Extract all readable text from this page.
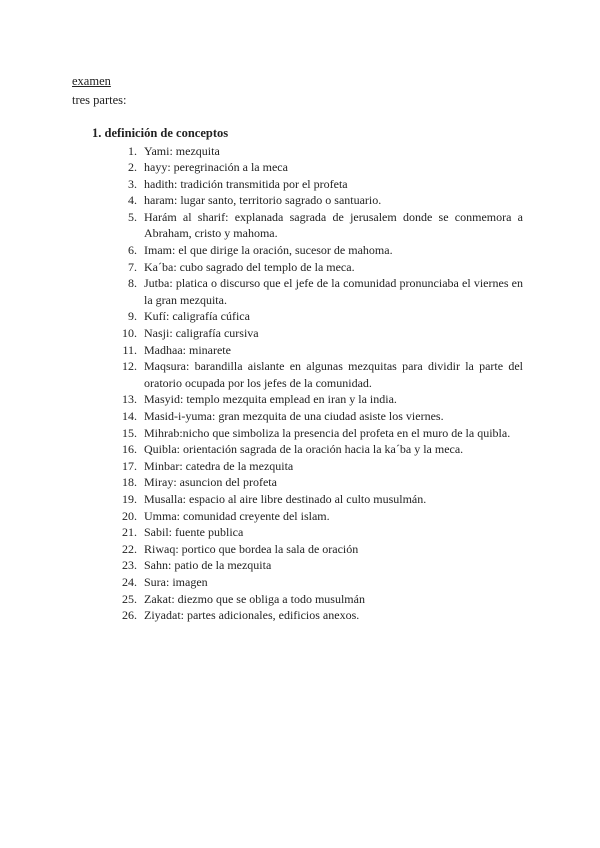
examen

tres partes:

1. definición de conceptos

1. Yami: mezquita
2. hayy: peregrinación a la meca
3. hadith: tradición transmitida por el profeta
4. haram: lugar santo, territorio sagrado o santuario.
5. Harám al sharif: explanada sagrada de jerusalem donde se conmemora a Abraham, cristo y mahoma.
6. Imam: el que dirige la oración, sucesor de mahoma.
7. Ka´ba: cubo sagrado del templo de la meca.
8. Jutba: platica o discurso que el jefe de la comunidad pronunciaba el viernes en la gran mezquita.
9. Kufí: caligrafía cúfica
10. Nasji: caligrafía cursiva
11. Madhaa: minarete
12. Maqsura: barandilla aislante en algunas mezquitas para dividir la parte del oratorio ocupada por los jefes de la comunidad.
13. Masyid: templo mezquita emplead en iran y la india.
14. Masid-i-yuma: gran mezquita de una ciudad asiste los viernes.
15. Mihrab:nicho que simboliza la presencia del profeta en el muro de la quibla.
16. Quibla: orientación sagrada de la oración hacia la ka´ba y la meca.
17. Minbar: catedra de la mezquita
18. Miray: asuncion del profeta
19. Musalla: espacio al aire libre destinado al culto musulmán.
20. Umma: comunidad creyente del islam.
21. Sabil: fuente publica
22. Riwaq: portico que bordea la sala de oración
23. Sahn: patio de la mezquita
24. Sura: imagen
25. Zakat: diezmo que se obliga a todo musulmán
26. Ziyadat: partes adicionales, edificios anexos.
